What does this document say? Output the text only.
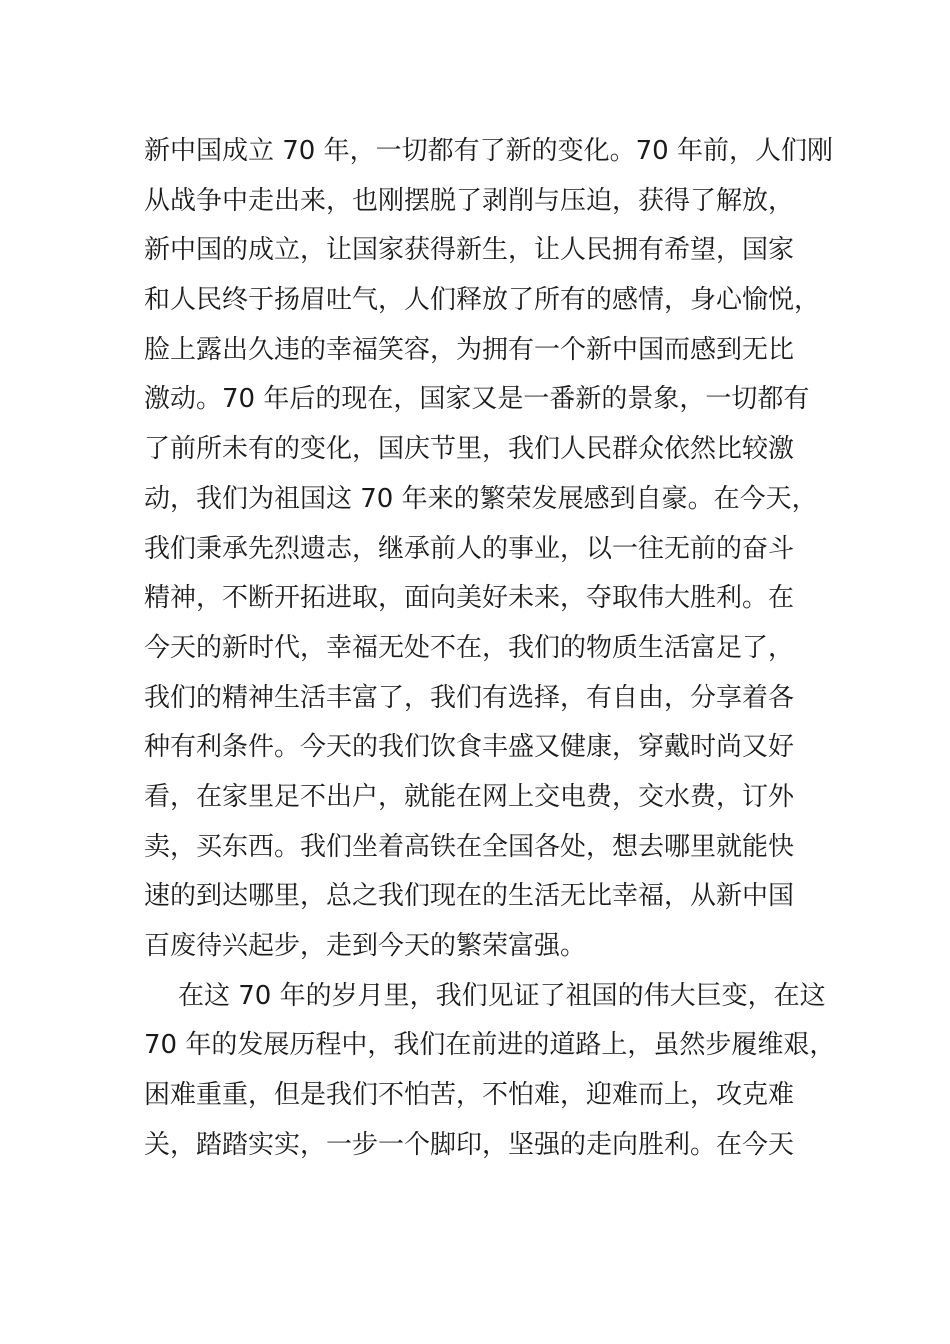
新中国成立 70 年，一切都有了新的变化。70 年前，人们刚
从战争中走出来，也刚摆脱了剥削与压迫，获得了解放，
新中国的成立，让国家获得新生，让人民拥有希望，国家
和人民终于扬眉吐气，人们释放了所有的感情，身心愉悦，
脸上露出久违的幸福笑容，为拥有一个新中国而感到无比
激动。70 年后的现在，国家又是一番新的景象，一切都有
了前所未有的变化，国庆节里，我们人民群众依然比较激
动，我们为祖国这 70 年来的繁荣发展感到自豪。在今天，
我们秉承先烈遗志，继承前人的事业，以一往无前的奋斗
精神，不断开拓进取，面向美好未来，夺取伟大胜利。在
今天的新时代，幸福无处不在，我们的物质生活富足了，
我们的精神生活丰富了，我们有选择，有自由，分享着各
种有利条件。今天的我们饮食丰盛又健康，穿戴时尚又好
看，在家里足不出户，就能在网上交电费，交水费，订外
卖，买东西。我们坐着高铁在全国各处，想去哪里就能快
速的到达哪里，总之我们现在的生活无比幸福，从新中国
百废待兴起步，走到今天的繁荣富强。
在这 70 年的岁月里，我们见证了祖国的伟大巨变，在这
70 年的发展历程中，我们在前进的道路上，虽然步履维艰，
困难重重，但是我们不怕苦，不怕难，迎难而上，攻克难
关，踏踏实实，一步一个脚印，坚强的走向胜利。在今天
